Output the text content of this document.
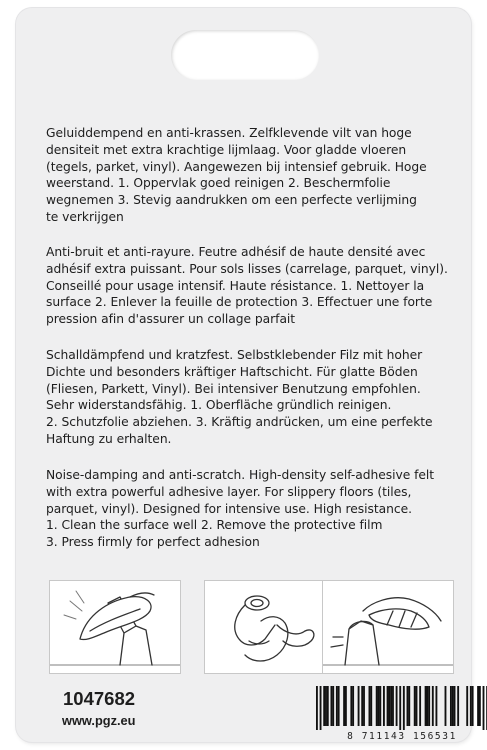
Geluiddempend en anti-krassen. Zelfklevende vilt van hoge
densiteit met extra krachtige lijmlaag. Voor gladde vloeren
(tegels, parket, vinyl). Aangewezen bij intensief gebruik. Hoge
weerstand. 1. Oppervlak goed reinigen 2. Beschermfolie
wegnemen 3. Stevig aandrukken om een perfecte verlijming
te verkrijgen
Anti-bruit et anti-rayure. Feutre adhésif de haute densité avec
adhésif extra puissant. Pour sols lisses (carrelage, parquet, vinyl).
Conseillé pour usage intensif. Haute résistance. 1. Nettoyer la
surface 2. Enlever la feuille de protection 3. Effectuer une forte
pression afin d'assurer un collage parfait
Schalldämpfend und kratzfest. Selbstklebender Filz mit hoher
Dichte und besonders kräftiger Haftschicht. Für glatte Böden
(Fliesen, Parkett, Vinyl). Bei intensiver Benutzung empfohlen.
Sehr widerstandsfähig. 1. Oberfläche gründlich reinigen.
2. Schutzfolie abziehen. 3. Kräftig andrücken, um eine perfekte
Haftung zu erhalten.
Noise-damping and anti-scratch. High-density self-adhesive felt
with extra powerful adhesive layer. For slippery floors (tiles,
parquet, vinyl). Designed for intensive use. High resistance.
1. Clean the surface well 2. Remove the protective film
3. Press firmly for perfect adhesion
1047682
www.pgz.eu
8 711143 156531
